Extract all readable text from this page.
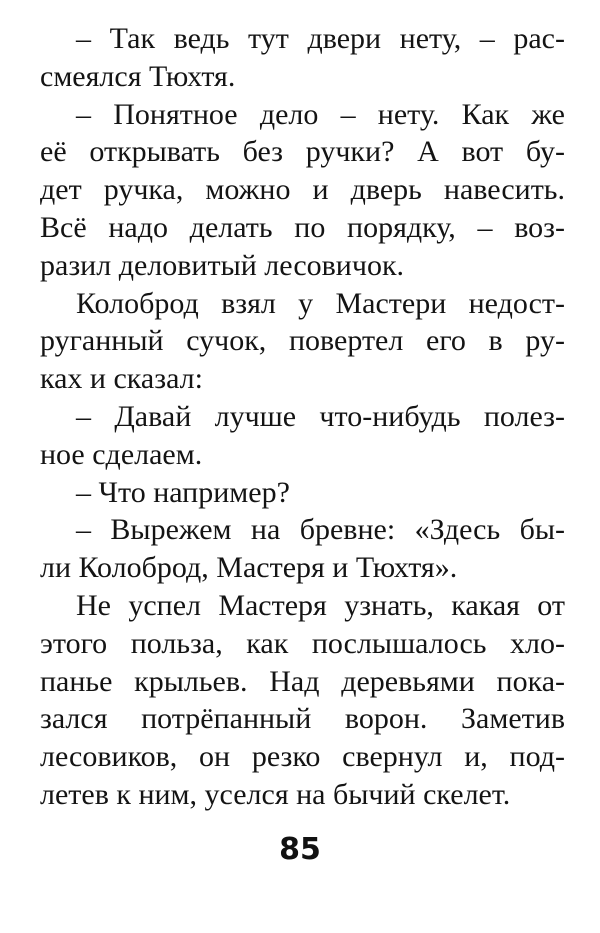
– Так ведь тут двери нету, – рас-
смеялся Тюхтя.
– Понятное дело – нету. Как же
её открывать без ручки? А вот бу-
дет ручка, можно и дверь навесить.
Всё надо делать по порядку, – воз-
разил деловитый лесовичок.
Колоброд взял у Мастери недост-
руганный сучок, повертел его в ру-
ках и сказал:
– Давай лучше что-нибудь полез-
ное сделаем.
– Что например?
– Вырежем на бревне: «Здесь бы-
ли Колоброд, Мастеря и Тюхтя».
Не успел Мастеря узнать, какая от
этого польза, как послышалось хло-
панье крыльев. Над деревьями пока-
зался потрёпанный ворон. Заметив
лесовиков, он резко свернул и, под-
летев к ним, уселся на бычий скелет.
85
